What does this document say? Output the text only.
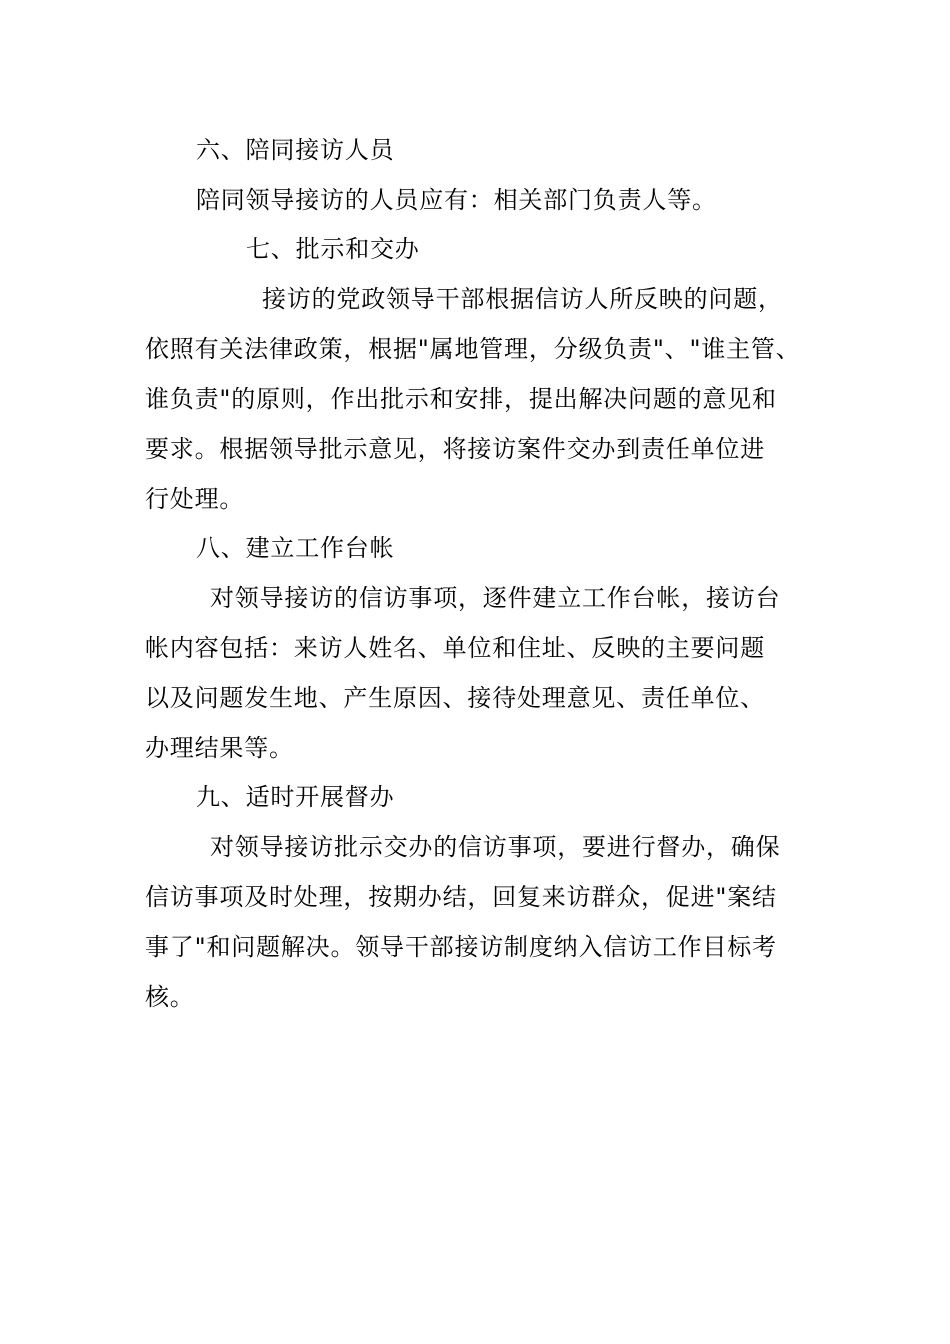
六、陪同接访人员
陪同领导接访的人员应有：相关部门负责人等。
七、批示和交办
接访的党政领导干部根据信访人所反映的问题，
依照有关法律政策，根据"属地管理，分级负责"、"谁主管、
谁负责"的原则，作出批示和安排，提出解决问题的意见和
要求。根据领导批示意见，将接访案件交办到责任单位进
行处理。
八、建立工作台帐
对领导接访的信访事项，逐件建立工作台帐，接访台
帐内容包括：来访人姓名、单位和住址、反映的主要问题
以及问题发生地、产生原因、接待处理意见、责任单位、
办理结果等。
九、适时开展督办
对领导接访批示交办的信访事项，要进行督办，确保
信访事项及时处理，按期办结，回复来访群众，促进"案结
事了"和问题解决。领导干部接访制度纳入信访工作目标考
核。
